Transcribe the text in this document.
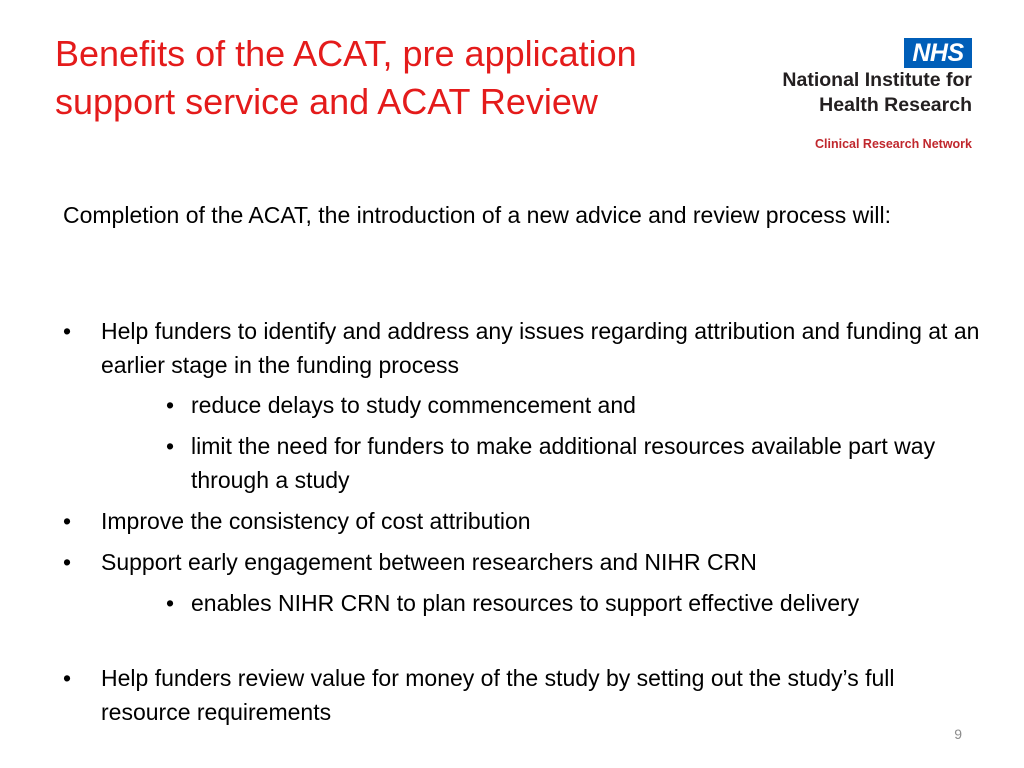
Benefits of the ACAT, pre application
support service and ACAT Review
NHS
National Institute for
Health Research
Clinical Research Network

Completion of the ACAT, the introduction of a new advice and review process will:

• Help funders to identify and address any issues regarding attribution and funding at an earlier stage in the funding process

• reduce delays to study commencement and

• limit the need for funders to make additional resources available part way through a study

• Improve the consistency of cost attribution

• Support early engagement between researchers and NIHR CRN

• enables NIHR CRN to plan resources to support effective delivery

• Help funders review value for money of the study by setting out the study’s full resource requirements

9
